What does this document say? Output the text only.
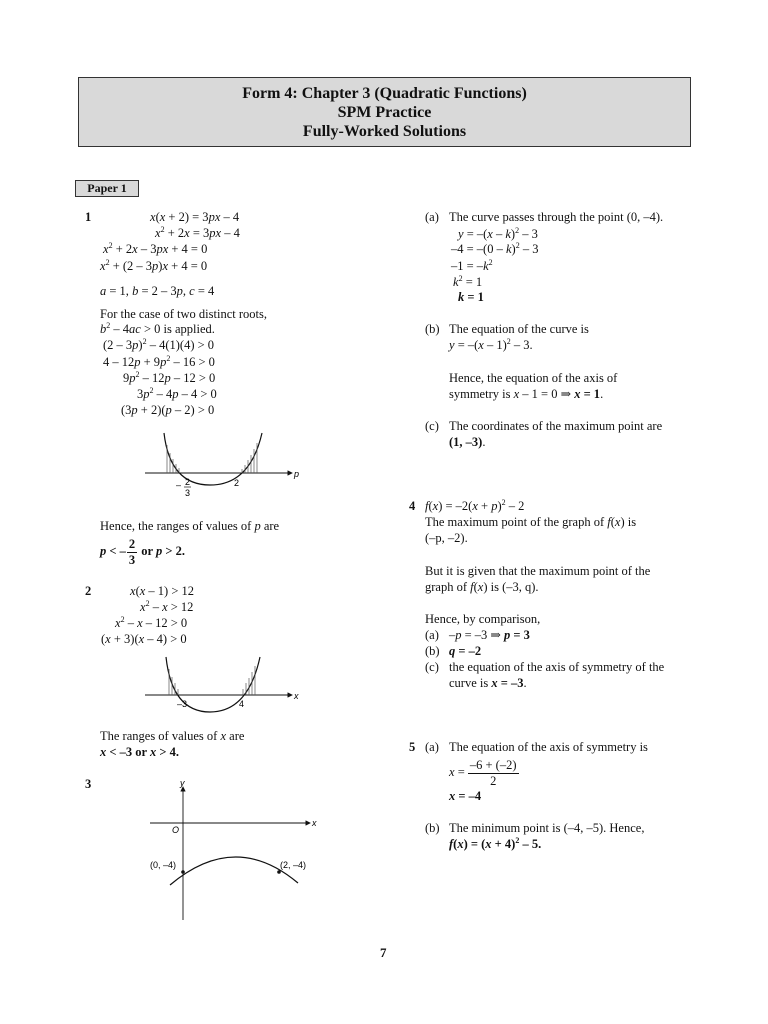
Form 4: Chapter 3 (Quadratic Functions)
SPM Practice
Fully-Worked Solutions
Paper 1
1	x(x + 2) = 3px – 4
$x^2 + 2x = 3px - 4$
$x^2 + 2x - 3px + 4 = 0$
$x^2 + (2 - 3p)x + 4 = 0$
a = 1, b = 2 – 3p, c = 4
For the case of two distinct roots,
$b^2 - 4ac > 0$ is applied.
(2 – 3p)$^2$ – 4(1)(4) > 0
$4 - 12p + 9p^2 - 16 > 0$
$9p^2 - 12p - 12 > 0$
$3p^2 - 4p - 4 > 0$
(3p + 2)(p – 2) > 0
p
– 2
3
2
Hence, the ranges of values of p are
p < – $\frac{2}{3}$ or p > 2.
2	x(x – 1) > 12
$x^2 - x > 12$
$x^2 - x - 12 > 0$
(x + 3)(x – 4) > 0
x
–3	4
The ranges of values of x are
x < –3 or x > 4.
3	y
x
O
(0, –4)	(2, –4)
(a) The curve passes through the point (0, –4).
y = –(x – k)$^2$ – 3
–4 = –(0 – k)$^2$ – 3
$-1 = -k^2$
$k^2 = 1$
k = 1
(b) The equation of the curve is
y = –(x – 1)$^2$ – 3.
Hence, the equation of the axis of
symmetry is x – 1 = 0 ⇒ x = 1.
(c) The coordinates of the maximum point are
(1, –3).
4 $f(x) = -2(x + p)^2 - 2$
The maximum point of the graph of f(x) is
(–p, –2).
But it is given that the maximum point of the
graph of f(x) is (–3, q).
Hence, by comparison,
(a) –p = –3 ⇒ p = 3
(b) q = –2
(c) the equation of the axis of symmetry of the
curve is x = –3.
5 (a) The equation of the axis of symmetry is
$x = \frac{-6 + (-2)}{2}$
x = –4
(b) The minimum point is (–4, –5). Hence,
$f(x) = (x + 4)^2 - 5$.
7
